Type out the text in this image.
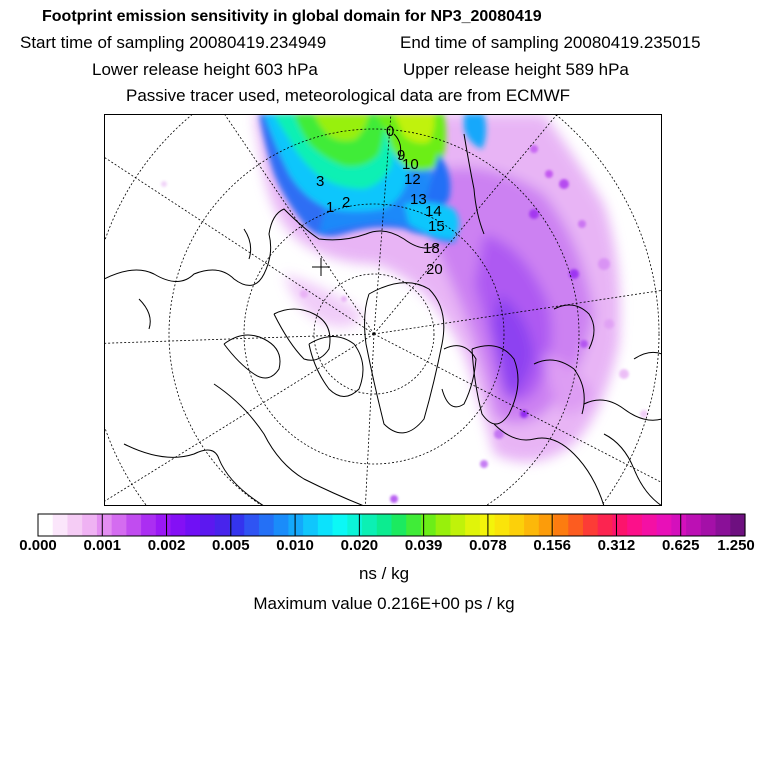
Footprint emission sensitivity in global domain for NP3_20080419
Start time of sampling 20080419.234949	End time of sampling 20080419.235015
Lower release height 603 hPa	Upper release height 589 hPa
Passive tracer used, meteorological data are from ECMWF
0
9
10
12
13
14
15
18
20
3
1 2
0.000 0.001 0.002 0.005 0.010 0.020 0.039 0.078 0.156 0.312 0.625 1.250
ns / kg
Maximum value 0.216E+00 ps / kg
